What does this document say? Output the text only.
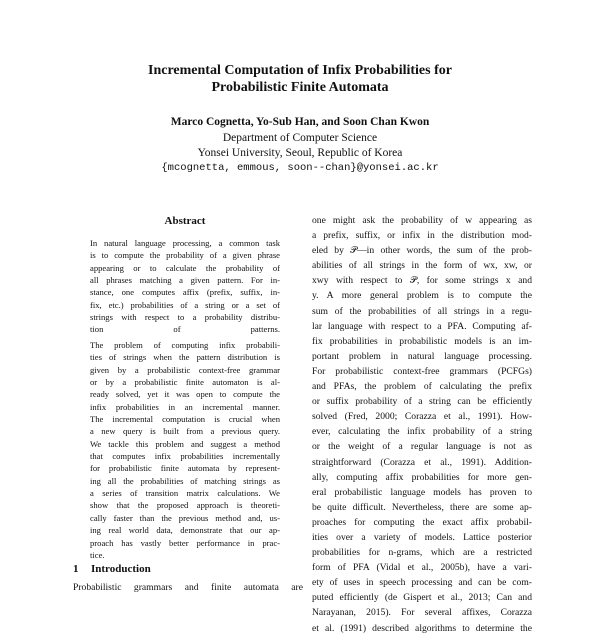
Incremental Computation of Infix Probabilities for
Probabilistic Finite Automata
Marco Cognetta, Yo-Sub Han, and Soon Chan Kwon
Department of Computer Science
Yonsei University, Seoul, Republic of Korea
{mcognetta, emmous, soon--chan}@yonsei.ac.kr
Abstract
In natural language processing, a common task
is to compute the probability of a given phrase
appearing or to calculate the probability of
all phrases matching a given pattern. For in-
stance, one computes affix (prefix, suffix, in-
fix, etc.) probabilities of a string or a set of
strings with respect to a probability distribu-
tion of patterns.
The problem of computing infix probabili-
ties of strings when the pattern distribution is
given by a probabilistic context-free grammar
or by a probabilistic finite automaton is al-
ready solved, yet it was open to compute the
infix probabilities in an incremental manner.
The incremental computation is crucial when
a new query is built from a previous query.
We tackle this problem and suggest a method
that computes infix probabilities incrementally
for probabilistic finite automata by represent-
ing all the probabilities of matching strings as
a series of transition matrix calculations. We
show that the proposed approach is theoreti-
cally faster than the previous method and, us-
ing real world data, demonstrate that our ap-
proach has vastly better performance in prac-
tice.
1 Introduction
Probabilistic grammars and finite automata are
one might ask the probability of w appearing as
a prefix, suffix, or infix in the distribution mod-
eled by 𝒫—in other words, the sum of the prob-
abilities of all strings in the form of wx, xw, or
xwy with respect to 𝒫, for some strings x and
y. A more general problem is to compute the
sum of the probabilities of all strings in a regu-
lar language with respect to a PFA. Computing af-
fix probabilities in probabilistic models is an im-
portant problem in natural language processing.
For probabilistic context-free grammars (PCFGs)
and PFAs, the problem of calculating the prefix
or suffix probability of a string can be efficiently
solved (Fred, 2000; Corazza et al., 1991). How-
ever, calculating the infix probability of a string
or the weight of a regular language is not as
straightforward (Corazza et al., 1991). Addition-
ally, computing affix probabilities for more gen-
eral probabilistic language models has proven to
be quite difficult. Nevertheless, there are some ap-
proaches for computing the exact affix probabil-
ities over a variety of models. Lattice posterior
probabilities for n-grams, which are a restricted
form of PFA (Vidal et al., 2005b), have a vari-
ety of uses in speech processing and can be com-
puted efficiently (de Gispert et al., 2013; Can and
Narayanan, 2015). For several affixes, Corazza
et al. (1991) described algorithms to determine the
